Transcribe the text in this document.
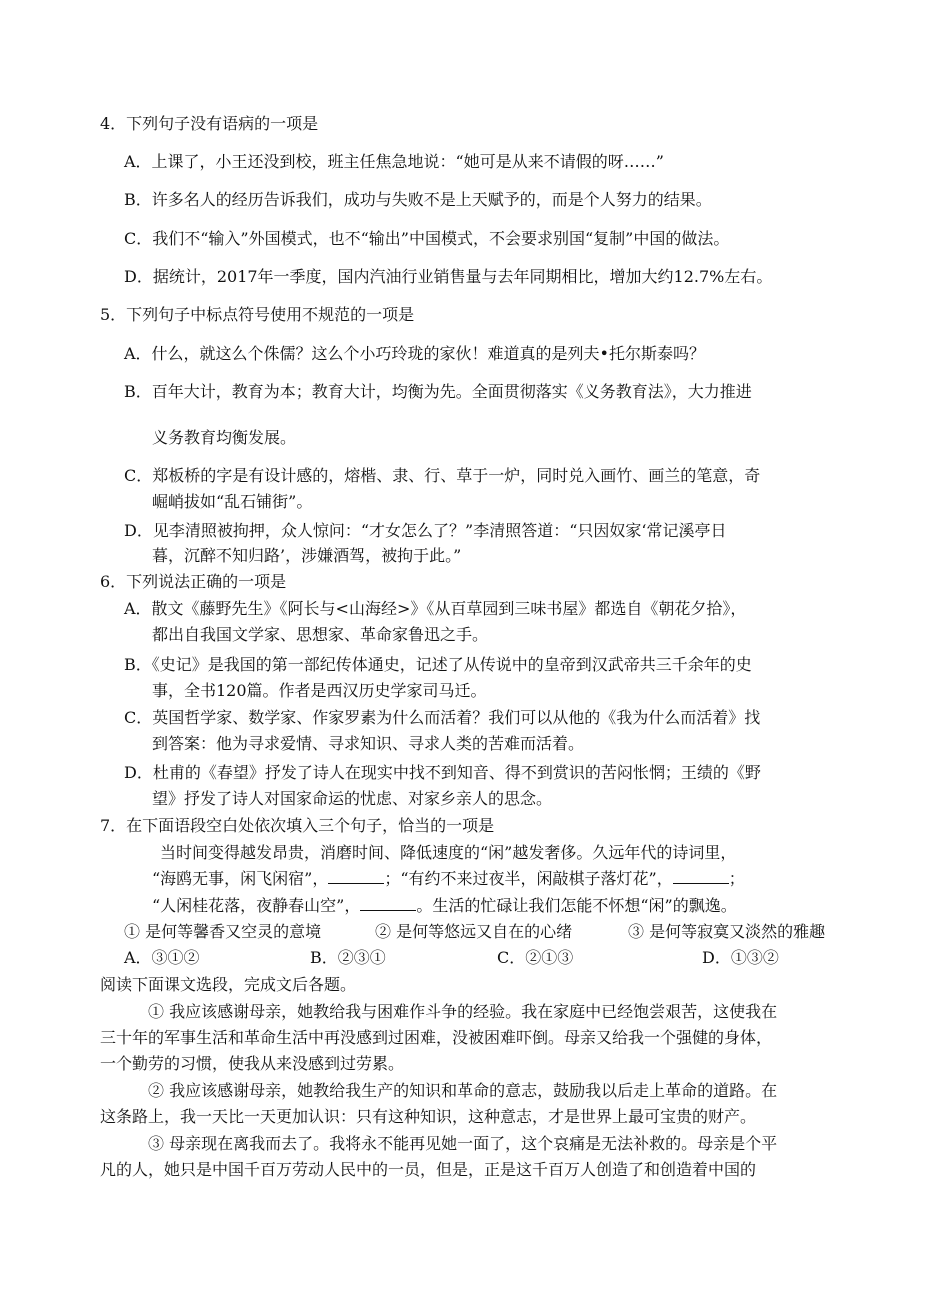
4．下列句子没有语病的一项是
A．上课了，小王还没到校，班主任焦急地说：“她可是从来不请假的呀……”
B．许多名人的经历告诉我们，成功与失败不是上天赋予的，而是个人努力的结果。
C．我们不“输入”外国模式，也不“输出”中国模式，不会要求别国“复制”中国的做法。
D．据统计，2017年一季度，国内汽油行业销售量与去年同期相比，增加大约12.7%左右。
5．下列句子中标点符号使用不规范的一项是
A．什么，就这么个侏儒？这么个小巧玲珑的家伙！难道真的是列夫•托尔斯泰吗？
B．百年大计，教育为本；教育大计，均衡为先。全面贯彻落实《义务教育法》，大力推进
义务教育均衡发展。
C．郑板桥的字是有设计感的，熔楷、隶、行、草于一炉，同时兑入画竹、画兰的笔意，奇
崛峭拔如“乱石铺街”。
D．见李清照被拘押，众人惊问：“才女怎么了？”李清照答道：“只因奴家‘常记溪亭日
暮，沉醉不知归路’，涉嫌酒驾，被拘于此。”
6．下列说法正确的一项是
A．散文《藤野先生》《阿长与<山海经>》《从百草园到三味书屋》都选自《朝花夕拾》，
都出自我国文学家、思想家、革命家鲁迅之手。
B．《史记》是我国的第一部纪传体通史，记述了从传说中的皇帝到汉武帝共三千余年的史
事，全书120篇。作者是西汉历史学家司马迁。
C．英国哲学家、数学家、作家罗素为什么而活着？我们可以从他的《我为什么而活着》找
到答案：他为寻求爱情、寻求知识、寻求人类的苦难而活着。
D．杜甫的《春望》抒发了诗人在现实中找不到知音、得不到赏识的苦闷怅惘；王绩的《野
望》抒发了诗人对国家命运的忧虑、对家乡亲人的思念。
7．在下面语段空白处依次填入三个句子，恰当的一项是
当时间变得越发昂贵，消磨时间、降低速度的“闲”越发奢侈。久远年代的诗词里，
“海鸥无事，闲飞闲宿”，	；“有约不来过夜半，闲敲棋子落灯花”，	；
“人闲桂花落，夜静春山空”，	。生活的忙碌让我们怎能不怀想“闲”的飘逸。
① 是何等馨香又空灵的意境	② 是何等悠远又自在的心绪	③ 是何等寂寞又淡然的雅趣
A．③①②	B．②③①	C．②①③	D．①③②
阅读下面课文选段，完成文后各题。
① 我应该感谢母亲，她教给我与困难作斗争的经验。我在家庭中已经饱尝艰苦，这使我在
三十年的军事生活和革命生活中再没感到过困难，没被困难吓倒。母亲又给我一个强健的身体，
一个勤劳的习惯，使我从来没感到过劳累。
② 我应该感谢母亲，她教给我生产的知识和革命的意志，鼓励我以后走上革命的道路。在
这条路上，我一天比一天更加认识：只有这种知识，这种意志，才是世界上最可宝贵的财产。
③ 母亲现在离我而去了。我将永不能再见她一面了，这个哀痛是无法补救的。母亲是个平
凡的人，她只是中国千百万劳动人民中的一员，但是，正是这千百万人创造了和创造着中国的
